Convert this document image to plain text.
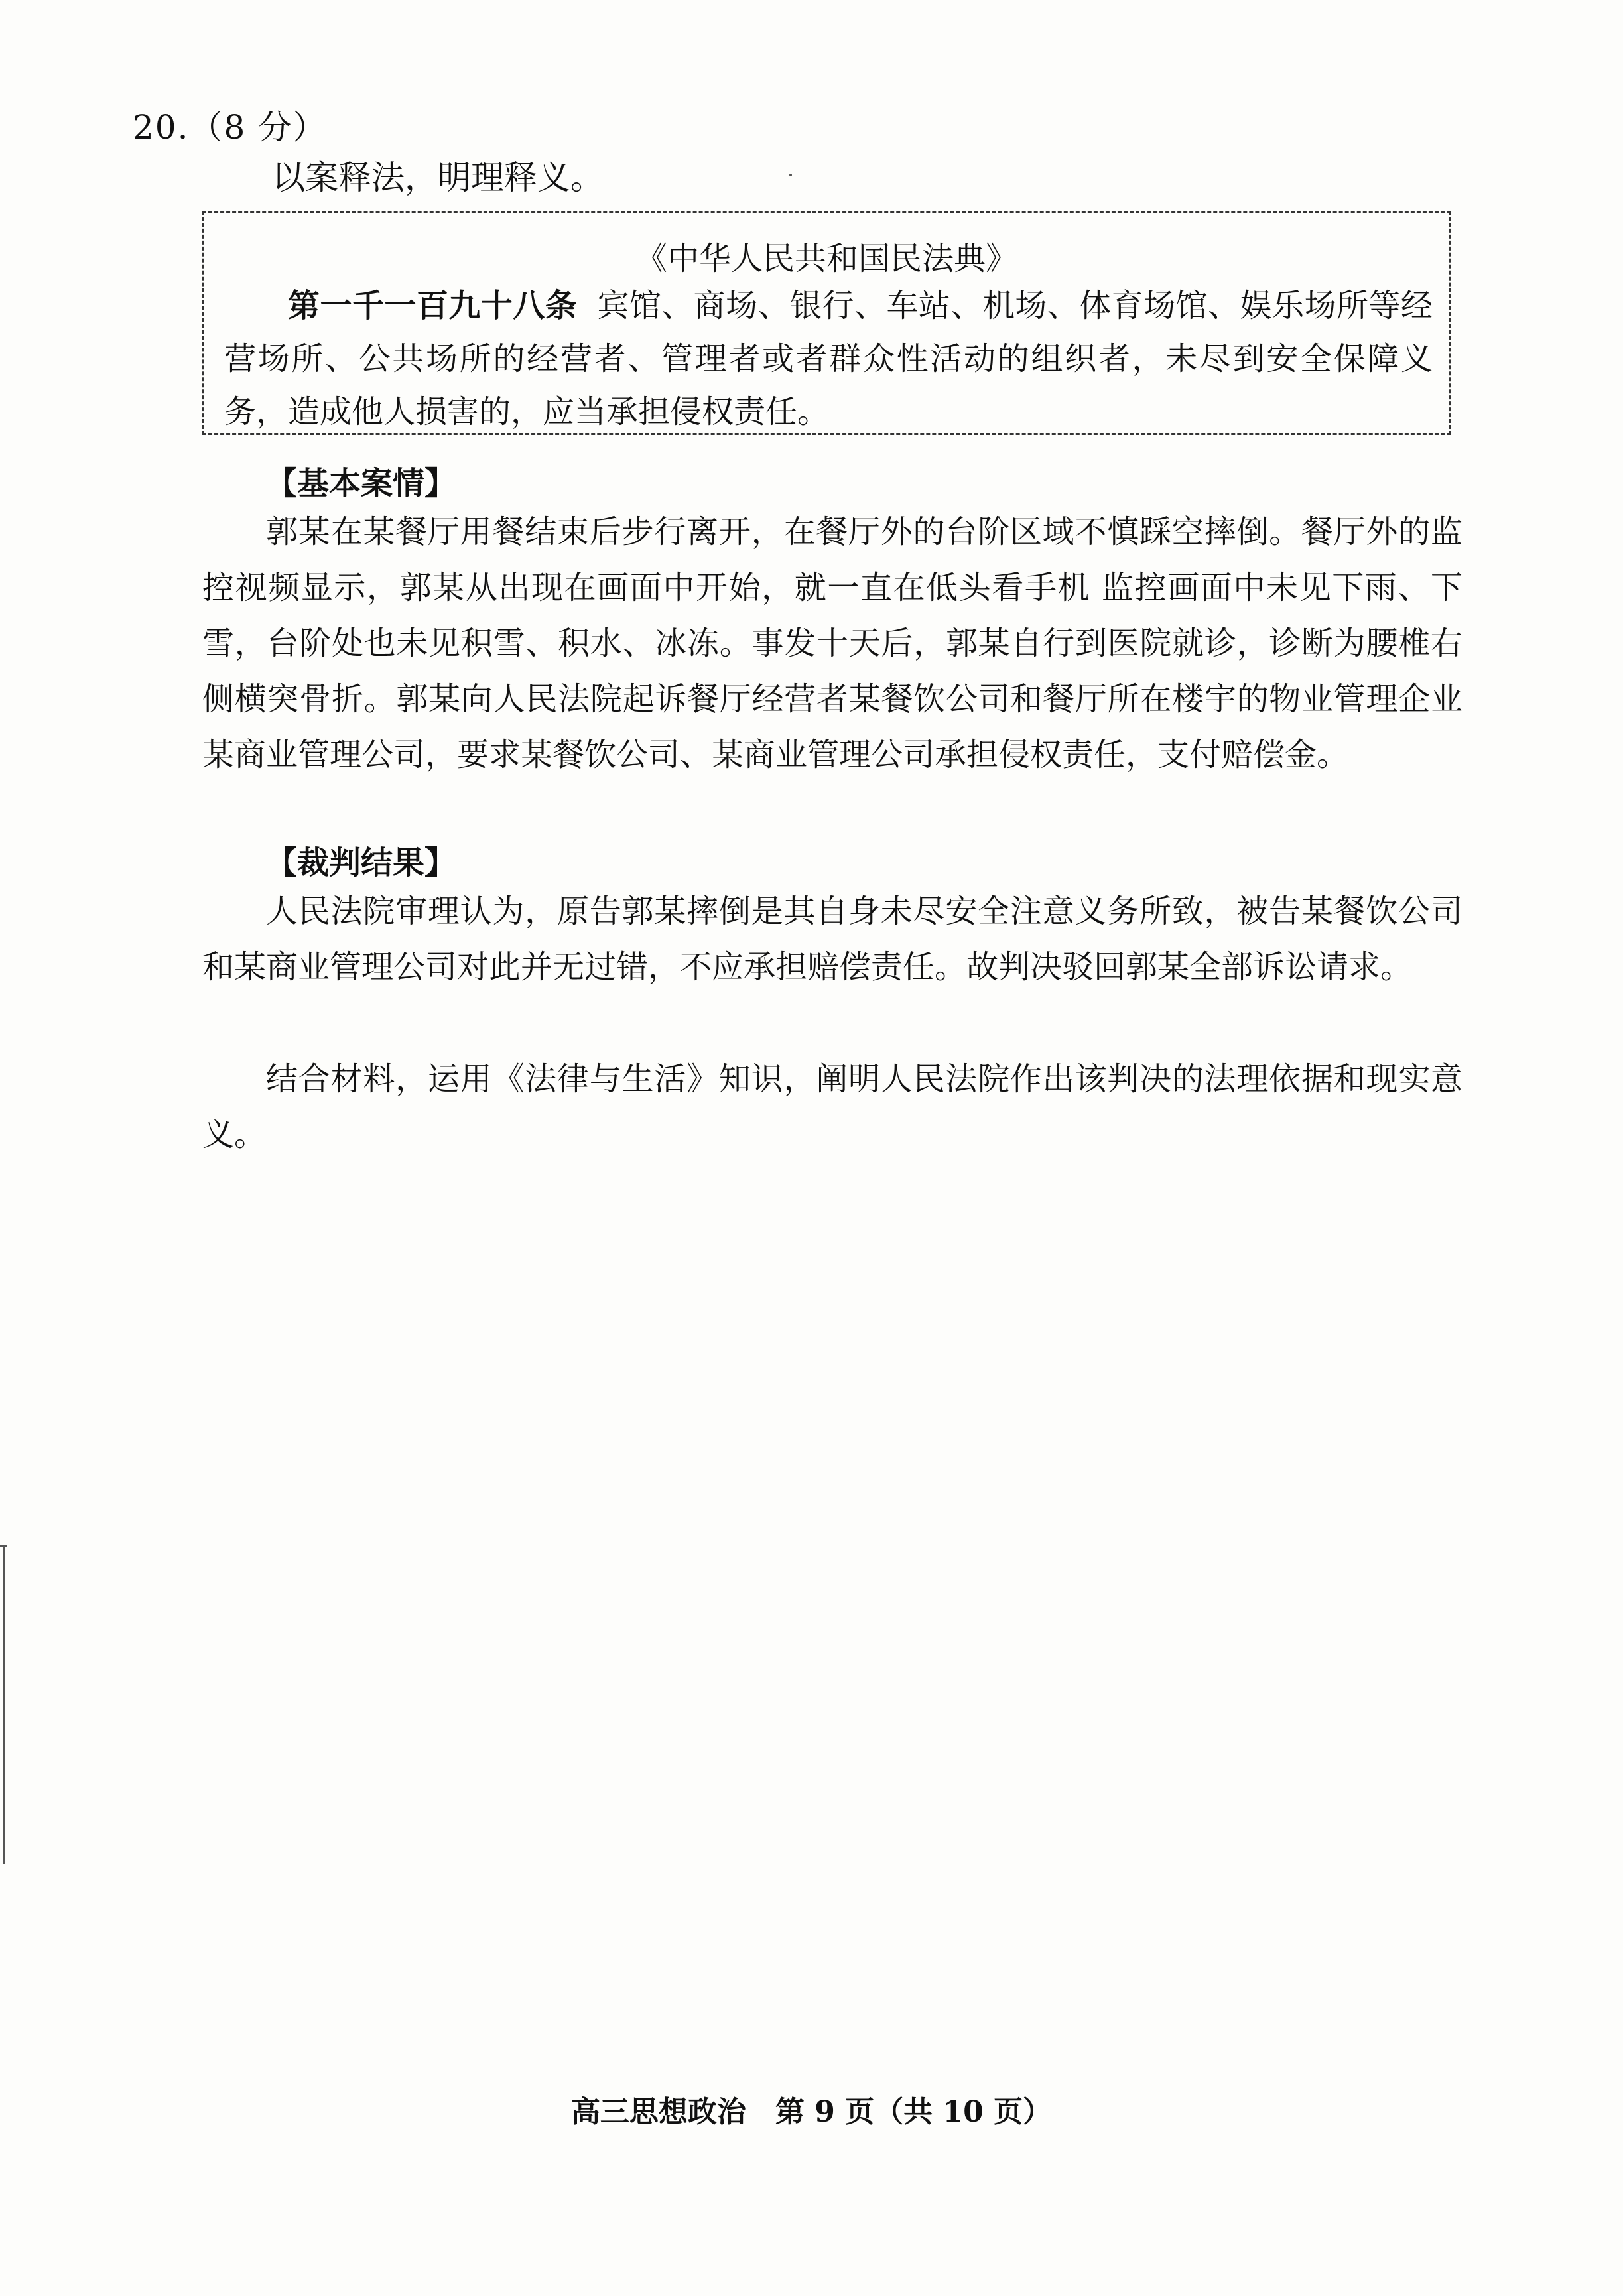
20.（8 分）
以案释法，明理释义。
《中华人民共和国民法典》
第一千一百九十八条 宾馆、商场、银行、车站、机场、体育场馆、娱乐场所等经营场所、公共场所的经营者、管理者或者群众性活动的组织者，未尽到安全保障义务，造成他人损害的，应当承担侵权责任。
【基本案情】
郭某在某餐厅用餐结束后步行离开，在餐厅外的台阶区域不慎踩空摔倒。餐厅外的监控视频显示，郭某从出现在画面中开始，就一直在低头看手机 监控画面中未见下雨、下雪，台阶处也未见积雪、积水、冰冻。事发十天后，郭某自行到医院就诊，诊断为腰椎右侧横突骨折。郭某向人民法院起诉餐厅经营者某餐饮公司和餐厅所在楼宇的物业管理企业某商业管理公司，要求某餐饮公司、某商业管理公司承担侵权责任，支付赔偿金。
【裁判结果】
人民法院审理认为，原告郭某摔倒是其自身未尽安全注意义务所致，被告某餐饮公司和某商业管理公司对此并无过错，不应承担赔偿责任。故判决驳回郭某全部诉讼请求。
结合材料，运用《法律与生活》知识，阐明人民法院作出该判决的法理依据和现实意义。
高三思想政治　第 9 页（共 10 页）
